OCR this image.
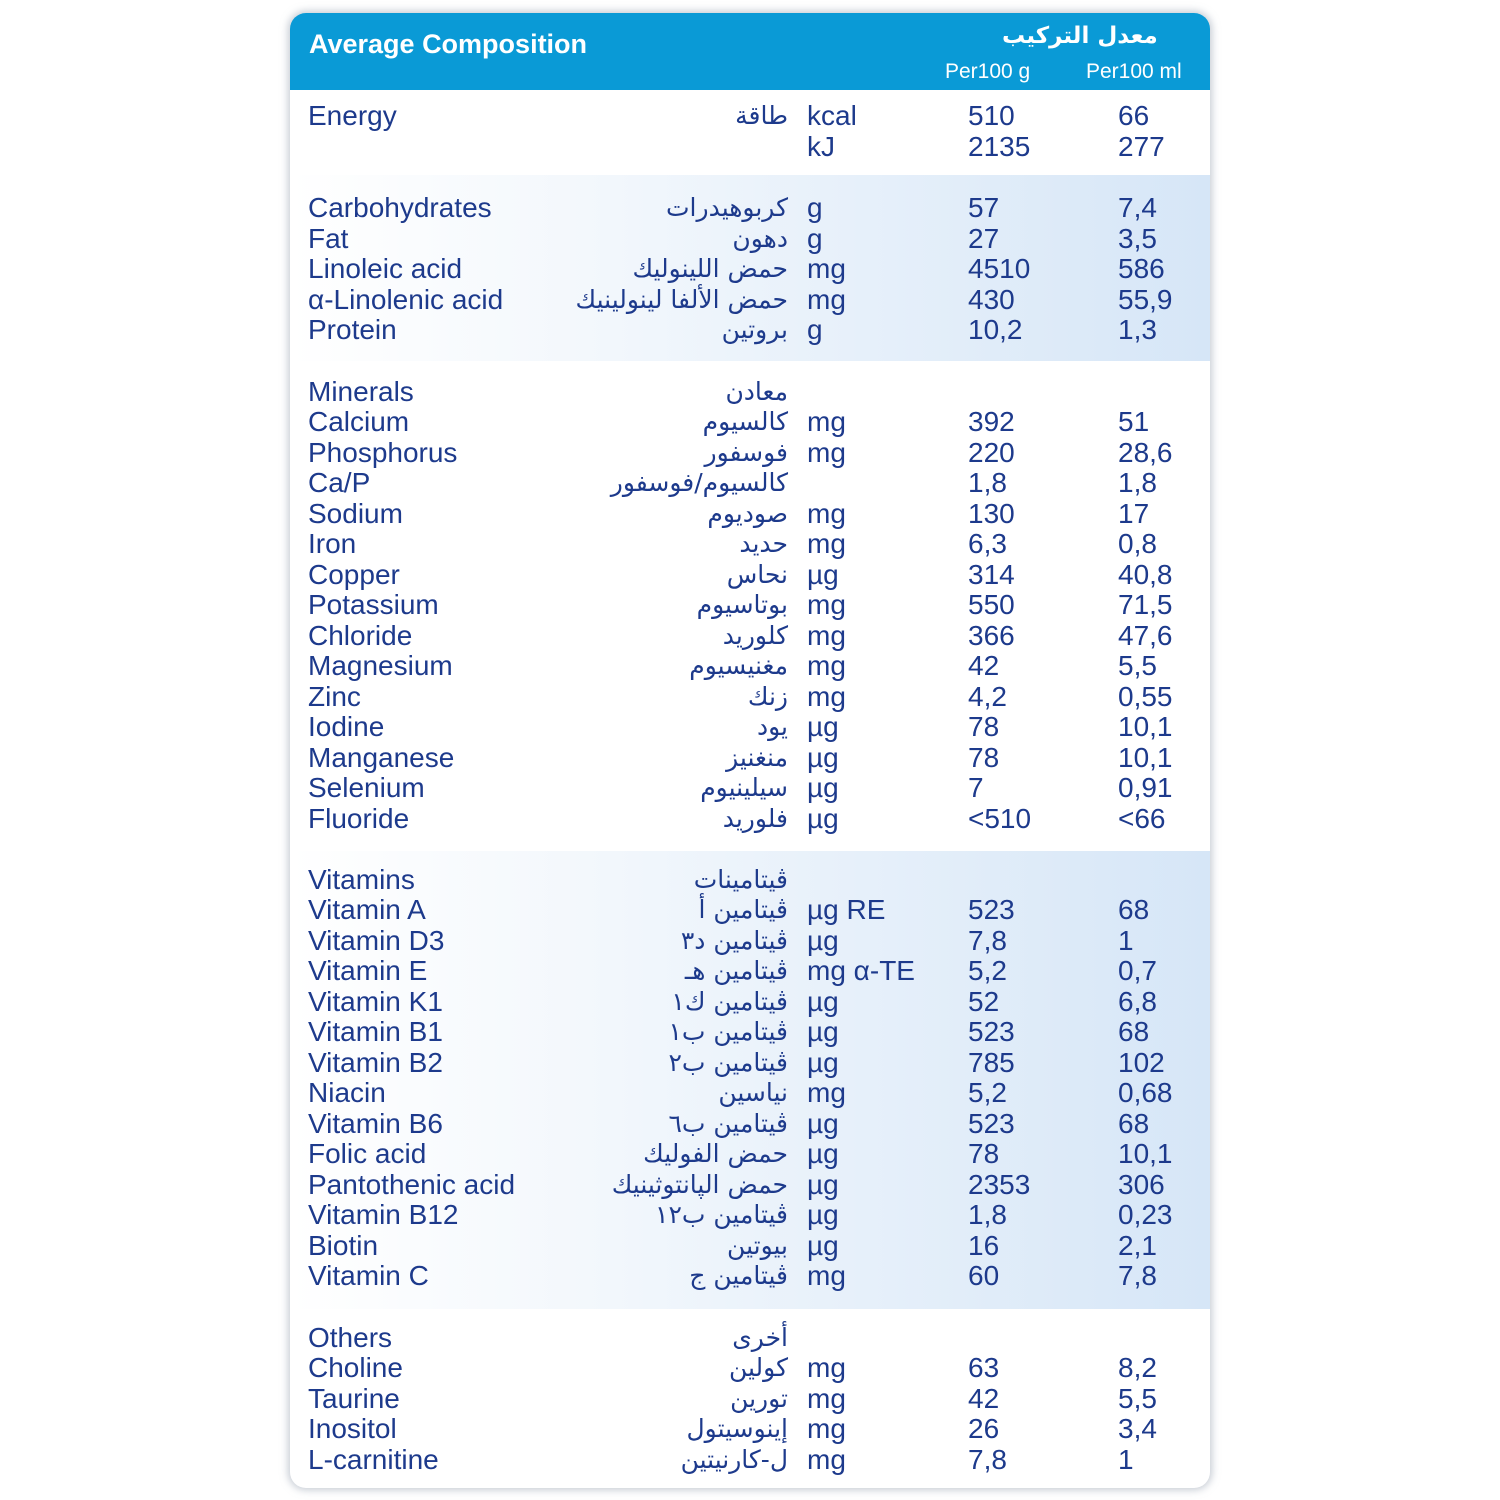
Average Composition	معدل التركيب
Per100 g	Per100 ml
Energy	طاقة kcal	510	66
kJ	2135	277
Carbohydrates	كربوهيدرات g	57	7,4
Fat	دهون g	27	3,5
Linoleic acid	حمض اللينوليك mg	4510	586
α-Linolenic acid	حمض الألفا لينولينيك mg	430	55,9
Protein	بروتين g	10,2	1,3
Minerals	معادن
Calcium	كالسيوم mg	392	51
Phosphorus	فوسفور mg	220	28,6
Ca/P	كالسيوم/فوسفور	1,8	1,8
Sodium	صوديوم mg	130	17
Iron	حديد mg	6,3	0,8
Copper	نحاس µg	314	40,8
Potassium	بوتاسيوم mg	550	71,5
Chloride	كلوريد mg	366	47,6
Magnesium	مغنيسيوم mg	42	5,5
Zinc	زنك mg	4,2	0,55
Iodine	يود µg	78	10,1
Manganese	منغنيز µg	78	10,1
Selenium	سيلينيوم µg	7	0,91
Fluoride	فلوريد µg	<510	<66
Vitamins	ڤيتامينات
Vitamin A	ڤيتامين أ µg RE	523	68
Vitamin D3	ڤيتامين د٣ µg	7,8	1
Vitamin E	ڤيتامين هـ mg α-TE 5,2	0,7
Vitamin K1	ڤيتامين ك١ µg	52	6,8
Vitamin B1	ڤيتامين ب١ µg	523	68
Vitamin B2	ڤيتامين ب٢ µg	785	102
Niacin	نياسين mg	5,2	0,68
Vitamin B6	ڤيتامين ب٦ µg	523	68
Folic acid	حمض الفوليك µg	78	10,1
Pantothenic acid	حمض الپانتوثينيك µg	2353	306
Vitamin B12	ڤيتامين ب١٢ µg	1,8	0,23
Biotin	بيوتين µg	16	2,1
Vitamin C	ڤيتامين ج mg	60	7,8
Others	أخرى
Choline	كولين mg	63	8,2
Taurine	تورين mg	42	5,5
Inositol	إينوسيتول mg	26	3,4
L-carnitine	ل-كارنيتين mg	7,8	1
